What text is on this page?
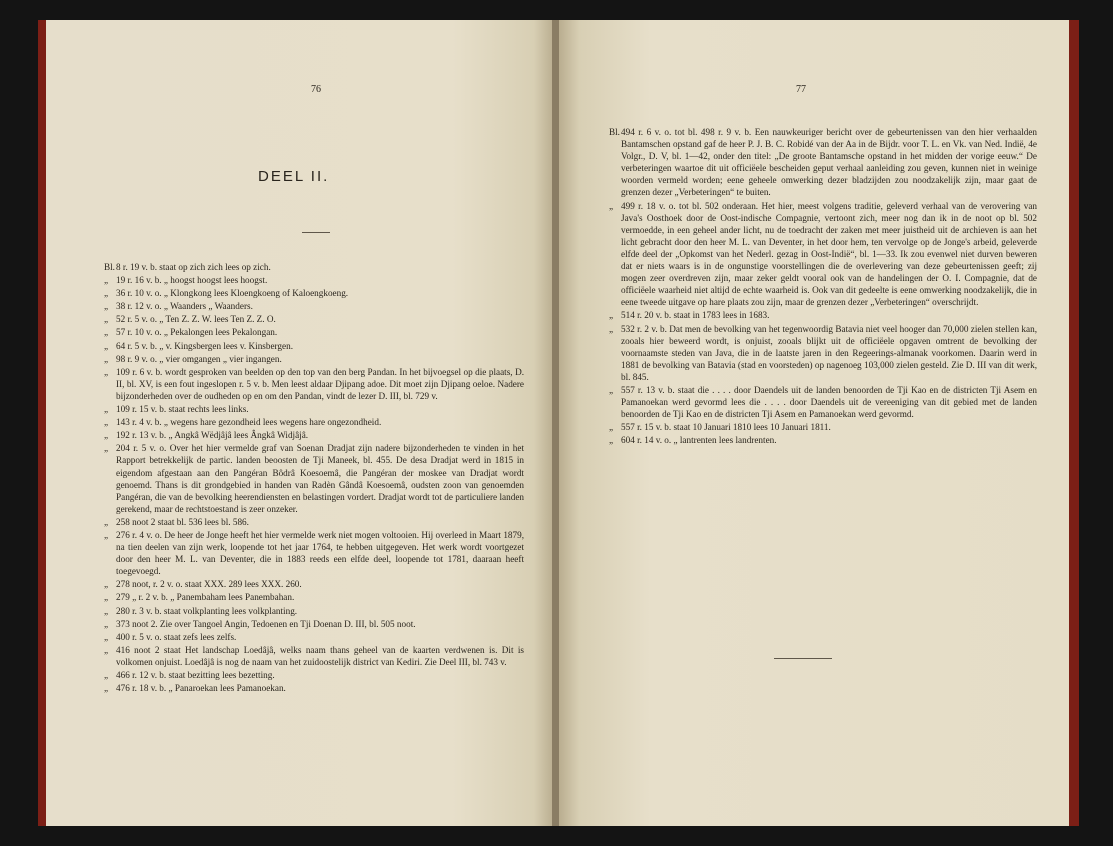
76
DEEL II.
Bl. 8 r. 19 v. b. staat op zich zich lees op zich.
„ 19 r. 16 v. b. „ hoogst hoogst lees hoogst.
„ 36 r. 10 v. o. „ Klongkong lees Kloengkoeng of Kaloengkoeng.
„ 38 r. 12 v. o. „ Waanders „ Waanders.
„ 52 r. 5 v. o. „ Ten Z. Z. W. lees Ten Z. Z. O.
„ 57 r. 10 v. o. „ Pekalongen lees Pekalongan.
„ 64 r. 5 v. b. „ v. Kingsbergen lees v. Kinsbergen.
„ 98 r. 9 v. o. „ vier omgangen „ vier ingangen.
„ 109 r. 6 v. b. wordt gesproken van beelden op den top van den berg Pandan. In het bijvoegsel op die plaats, D. II, bl. XV, is een fout ingeslopen r. 5 v. b. Men leest aldaar Djipang adoe. Dit moet zijn Djipang oeloe. Nadere bijzonderheden over de oudheden op en om den Pandan, vindt de lezer D. III, bl. 729 v.
„ 109 r. 15 v. b. staat rechts lees links.
„ 143 r. 4 v. b. „ wegens hare gezondheid lees wegens hare ongezondheid.
„ 192 r. 13 v. b. „ Angkâ Wëdjâjâ lees Ângkâ Widjâjâ.
„ 204 r. 5 v. o. Over het hier vermelde graf van Soenan Dradjat zijn nadere bijzonderheden te vinden in het Rapport betrekkelijk de partic. landen beoosten de Tji Maneek, bl. 455. De desa Dradjat werd in 1815 in eigendom afgestaan aan den Pangéran Bôdrâ Koesoemâ, die Pangéran der moskee van Dradjat wordt genoemd. Thans is dit grondgebied in handen van Radèn Gândâ Koesoemâ, oudsten zoon van genoemden Pangéran, die van de bevolking heerendiensten en belastingen vordert. Dradjat wordt tot de particuliere landen gerekend, maar de rechtstoestand is zeer onzeker.
„ 258 noot 2 staat bl. 536 lees bl. 586.
„ 276 r. 4 v. o. De heer de Jonge heeft het hier vermelde werk niet mogen voltooien. Hij overleed in Maart 1879, na tien deelen van zijn werk, loopende tot het jaar 1764, te hebben uitgegeven. Het werk wordt voortgezet door den heer M. L. van Deventer, die in 1883 reeds een elfde deel, loopende tot 1781, daaraan heeft toegevoegd.
„ 278 noot, r. 2 v. o. staat XXX. 289 lees XXX. 260.
„ 279 „ r. 2 v. b. „ Panembaham lees Panembahan.
„ 280 r. 3 v. b. staat volkplanting lees volkplanting.
„ 373 noot 2. Zie over Tangoel Angin, Tedoenen en Tji Doenan D. III, bl. 505 noot.
„ 400 r. 5 v. o. staat zefs lees zelfs.
„ 416 noot 2 staat Het landschap Loedâjâ, welks naam thans geheel van de kaarten verdwenen is. Dit is volkomen onjuist. Loedâjâ is nog de naam van het zuidoostelijk district van Kediri. Zie Deel III, bl. 743 v.
„ 466 r. 12 v. b. staat bezitting lees bezetting.
„ 476 r. 18 v. b. „ Panaroekan lees Pamanoekan.
77
Bl. 494 r. 6 v. o. tot bl. 498 r. 9 v. b. Een nauwkeuriger bericht over de gebeurtenissen van den hier verhaalden Bantamschen opstand gaf de heer P. J. B. C. Robidé van der Aa in de Bijdr. voor T. L. en Vk. van Ned. Indië, 4e Volgr., D. V, bl. 1—42, onder den titel: „De groote Bantamsche opstand in het midden der vorige eeuw.“ De verbeteringen waartoe dit uit officiëele bescheiden geput verhaal aanleiding zou geven, kunnen niet in weinige woorden vermeld worden; eene geheele omwerking dezer bladzijden zou noodzakelijk zijn, maar gaat de grenzen dezer „Verbeteringen“ te buiten.
„ 499 r. 18 v. o. tot bl. 502 onderaan. Het hier, meest volgens traditie, geleverd verhaal van de verovering van Java's Oosthoek door de Oost-indische Compagnie, vertoont zich, meer nog dan ik in de noot op bl. 502 vermoedde, in een geheel ander licht, nu de toedracht der zaken met meer juistheid uit de archieven is aan het licht gebracht door den heer M. L. van Deventer, in het door hem, ten vervolge op de Jonge's arbeid, geleverde elfde deel der „Opkomst van het Nederl. gezag in Oost-Indië“, bl. 1—33. Ik zou evenwel niet durven beweren dat er niets waars is in de ongunstige voorstellingen die de overlevering van deze gebeurtenissen geeft; zij mogen zeer overdreven zijn, maar zeker geldt vooral ook van de handelingen der O. I. Compagnie, dat de officiëele waarheid niet altijd de echte waarheid is. Ook van dit gedeelte is eene omwerking noodzakelijk, die in eene tweede uitgave op hare plaats zou zijn, maar de grenzen dezer „Verbeteringen“ overschrijdt.
„ 514 r. 20 v. b. staat in 1783 lees in 1683.
„ 532 r. 2 v. b. Dat men de bevolking van het tegenwoordig Batavia niet veel hooger dan 70,000 zielen stellen kan, zooals hier beweerd wordt, is onjuist, zooals blijkt uit de officiëele opgaven omtrent de bevolking der voornaamste steden van Java, die in de laatste jaren in den Regeerings-almanak voorkomen. Daarin werd in 1881 de bevolking van Batavia (stad en voorsteden) op nagenoeg 103,000 zielen gesteld. Zie D. III van dit werk, bl. 845.
„ 557 r. 13 v. b. staat die . . . . door Daendels uit de landen benoorden de Tji Kao en de districten Tji Asem en Pamanoekan werd gevormd lees die . . . . door Daendels uit de vereeniging van dit gebied met de landen benoorden de Tji Kao en de districten Tji Asem en Pamanoekan werd gevormd.
„ 557 r. 15 v. b. staat 10 Januari 1810 lees 10 Januari 1811.
„ 604 r. 14 v. o. „ lantrenten lees landrenten.
